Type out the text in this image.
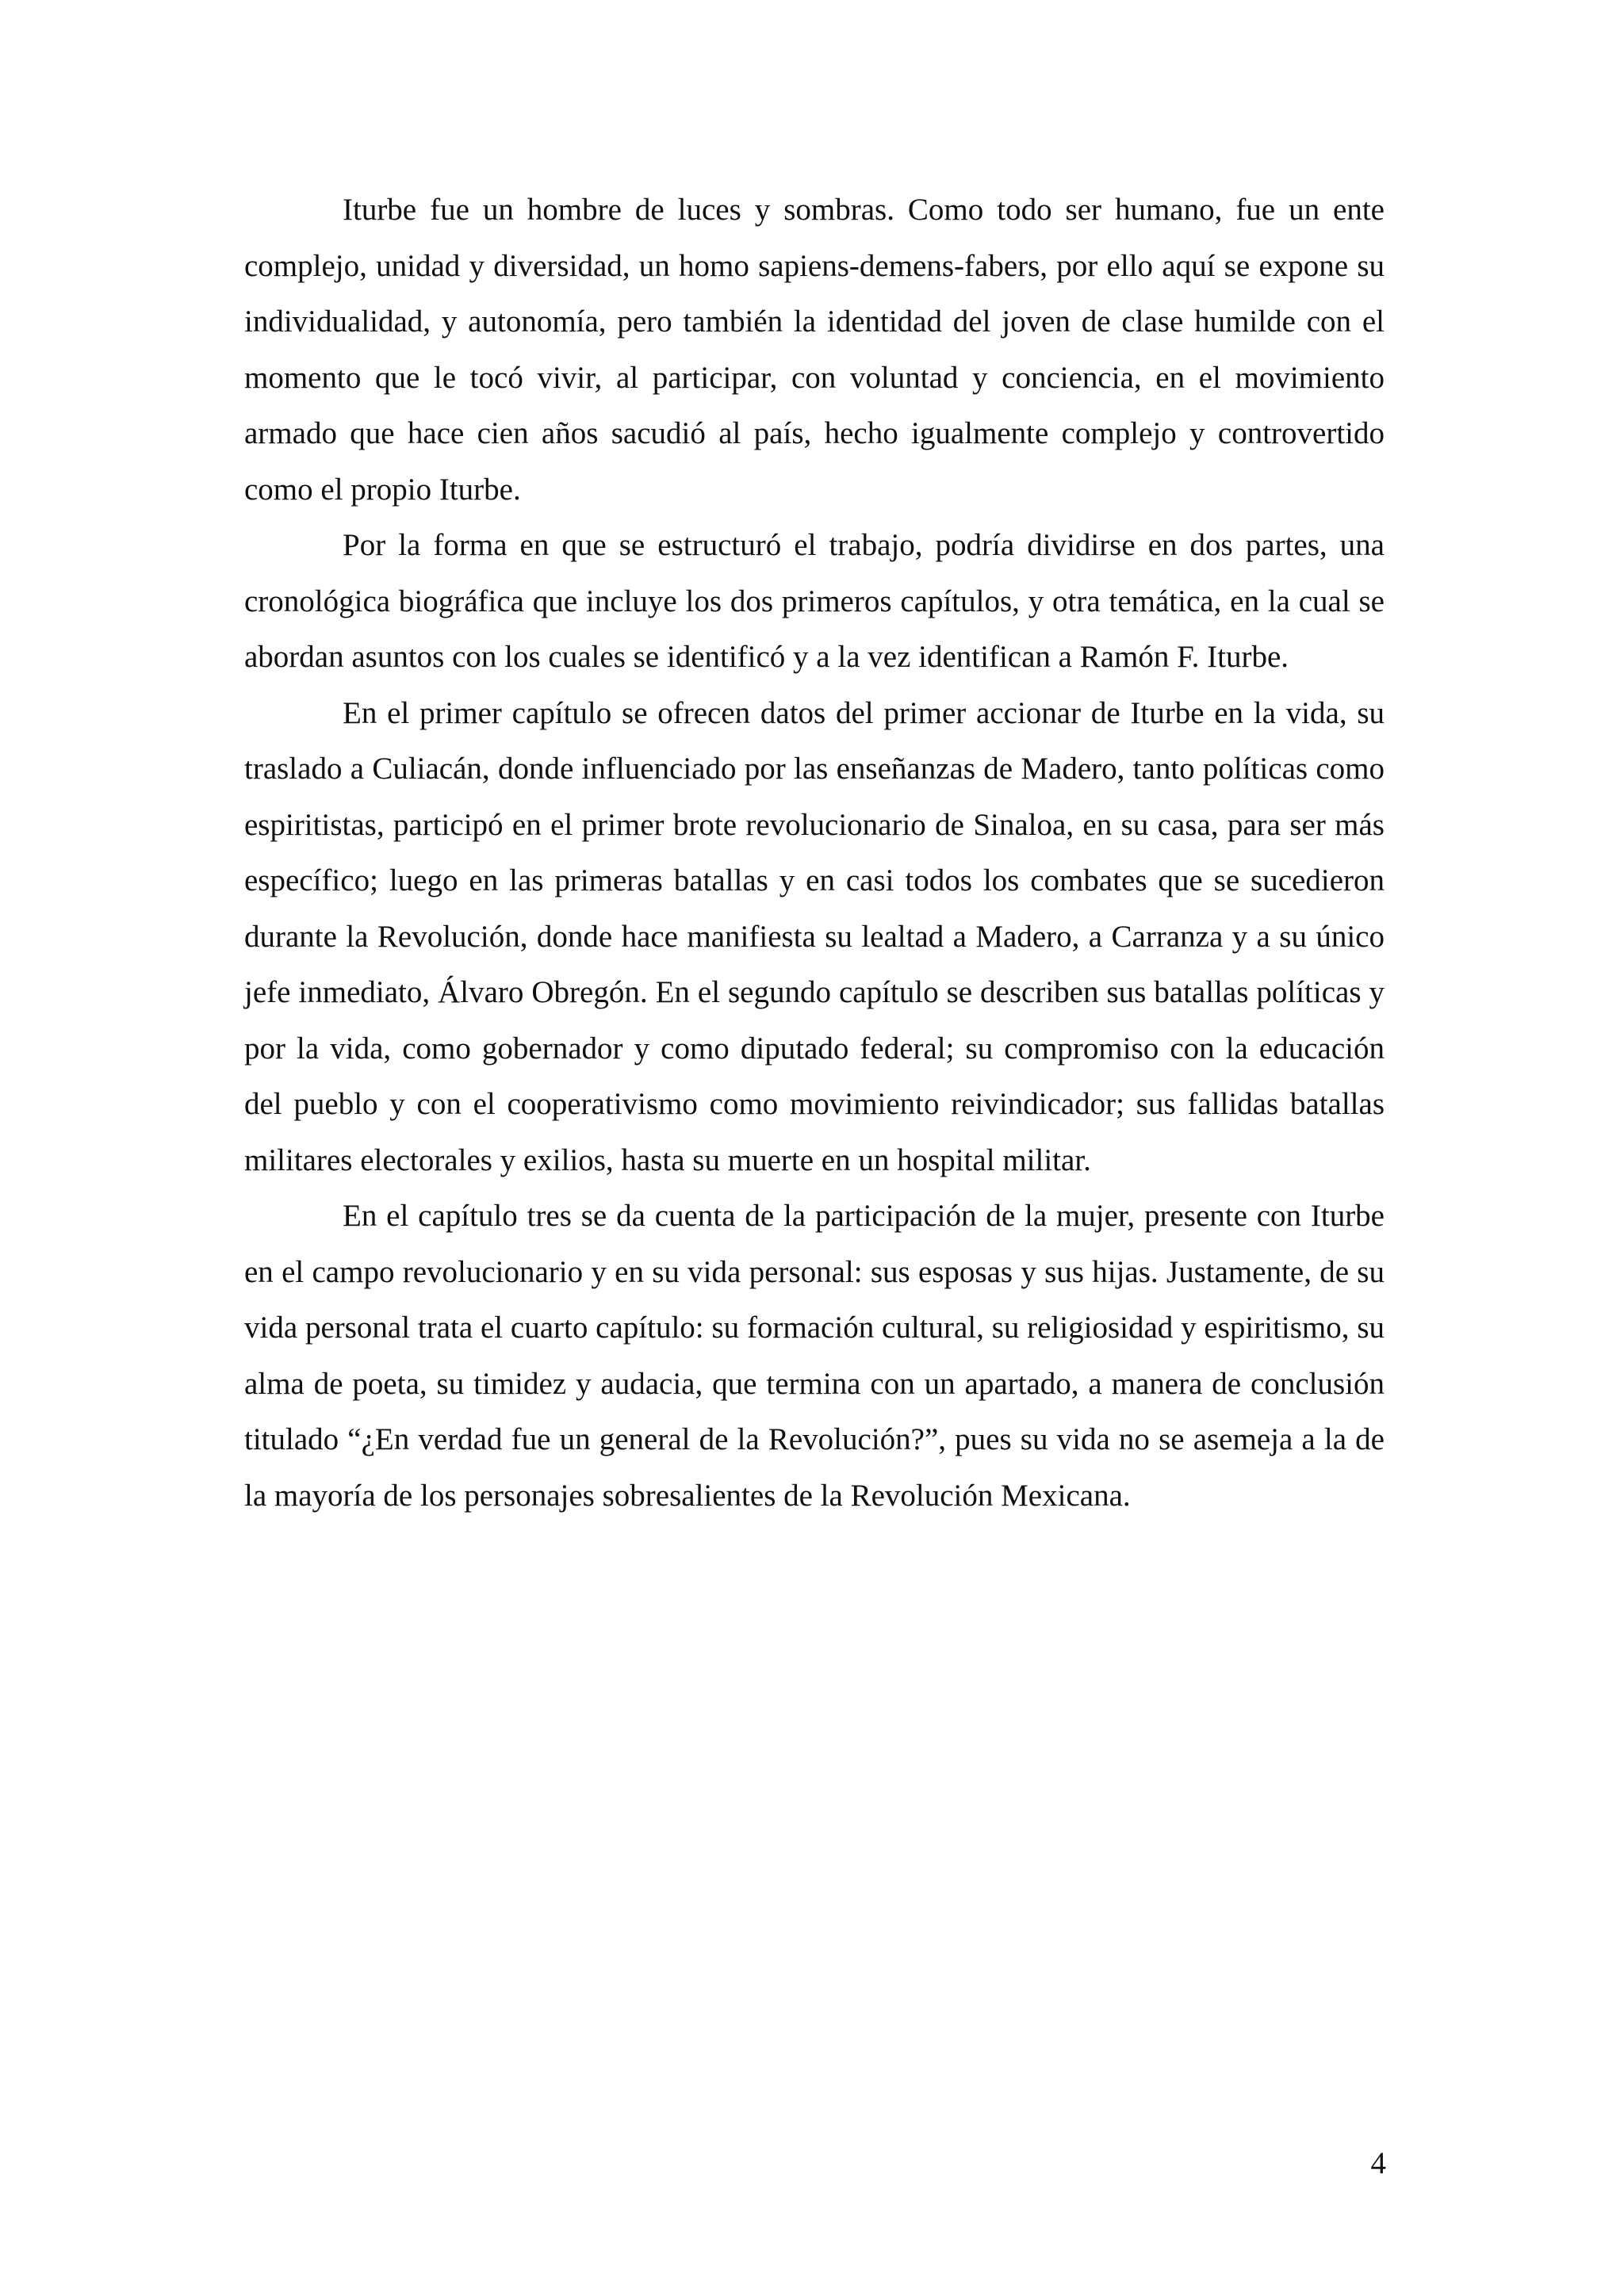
Iturbe fue un hombre de luces y sombras. Como todo ser humano, fue un ente complejo, unidad y diversidad, un homo sapiens-demens-fabers, por ello aquí se expone su individualidad, y autonomía, pero también la identidad del joven de clase humilde con el momento que le tocó vivir, al participar, con voluntad y conciencia, en el movimiento armado que hace cien años sacudió al país, hecho igualmente complejo y controvertido como el propio Iturbe.

Por la forma en que se estructuró el trabajo, podría dividirse en dos partes, una cronológica biográfica que incluye los dos primeros capítulos, y otra temática, en la cual se abordan asuntos con los cuales se identificó y a la vez identifican a Ramón F. Iturbe.

En el primer capítulo se ofrecen datos del primer accionar de Iturbe en la vida, su traslado a Culiacán, donde influenciado por las enseñanzas de Madero, tanto políticas como espiritistas, participó en el primer brote revolucionario de Sinaloa, en su casa, para ser más específico; luego en las primeras batallas y en casi todos los combates que se sucedieron durante la Revolución, donde hace manifiesta su lealtad a Madero, a Carranza y a su único jefe inmediato, Álvaro Obregón. En el segundo capítulo se describen sus batallas políticas y por la vida, como gobernador y como diputado federal; su compromiso con la educación del pueblo y con el cooperativismo como movimiento reivindicador; sus fallidas batallas militares electorales y exilios, hasta su muerte en un hospital militar.

En el capítulo tres se da cuenta de la participación de la mujer, presente con Iturbe en el campo revolucionario y en su vida personal: sus esposas y sus hijas. Justamente, de su vida personal trata el cuarto capítulo: su formación cultural, su religiosidad y espiritismo, su alma de poeta, su timidez y audacia, que termina con un apartado, a manera de conclusión titulado “¿En verdad fue un general de la Revolución?”, pues su vida no se asemeja a la de la mayoría de los personajes sobresalientes de la Revolución Mexicana.

4
